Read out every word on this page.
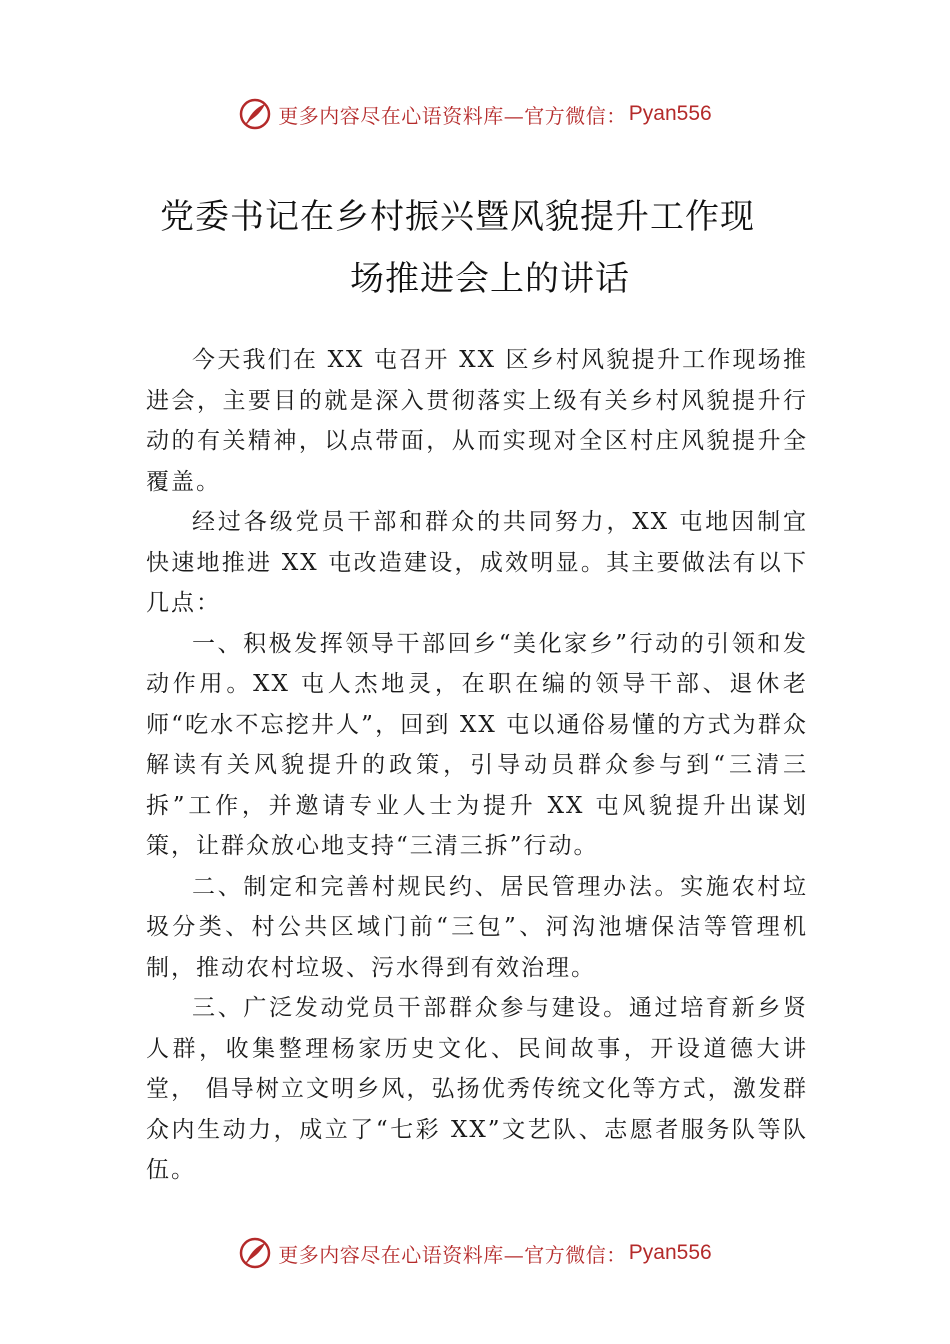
更多内容尽在心语资料库—官方微信： Pyan556
党委书记在乡村振兴暨风貌提升工作现
场推进会上的讲话

今天我们在 XX 屯召开 XX 区乡村风貌提升工作现场推进会，主要目的就是深入贯彻落实上级有关乡村风貌提升行动的有关精神，以点带面，从而实现对全区村庄风貌提升全覆盖。

经过各级党员干部和群众的共同努力，XX 屯地因制宜快速地推进 XX 屯改造建设，成效明显。其主要做法有以下几点：

一、积极发挥领导干部回乡“美化家乡”行动的引领和发动作用。XX 屯人杰地灵，在职在编的领导干部、退休老师“吃水不忘挖井人”，回到 XX 屯以通俗易懂的方式为群众解读有关风貌提升的政策，引导动员群众参与到“三清三拆”工作，并邀请专业人士为提升 XX 屯风貌提升出谋划策，让群众放心地支持“三清三拆”行动。

二、制定和完善村规民约、居民管理办法。实施农村垃圾分类、村公共区域门前“三包”、河沟池塘保洁等管理机制，推动农村垃圾、污水得到有效治理。

三、广泛发动党员干部群众参与建设。通过培育新乡贤人群，收集整理杨家历史文化、民间故事，开设道德大讲堂， 倡导树立文明乡风，弘扬优秀传统文化等方式，激发群众内生动力，成立了“七彩 XX”文艺队、志愿者服务队等队伍。

更多内容尽在心语资料库—官方微信： Pyan556
